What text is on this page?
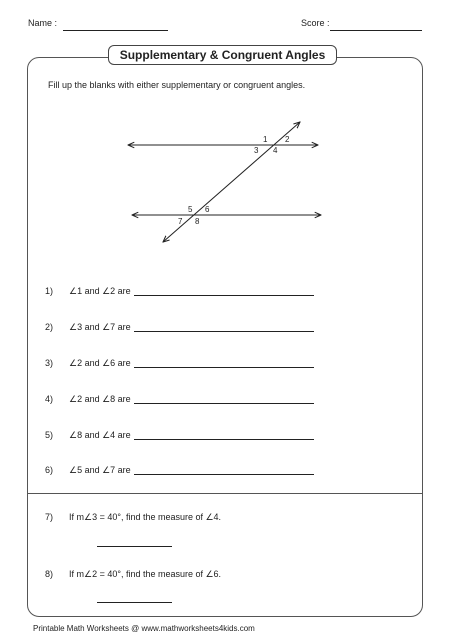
Name :	Score :
Supplementary & Congruent Angles
Fill up the blanks with either supplementary or congruent angles.
1 2
3 4
5 6
7 8
1) ∠1 and ∠2 are
2) ∠3 and ∠7 are
3) ∠2 and ∠6 are
4) ∠2 and ∠8 are
5) ∠8 and ∠4 are
6) ∠5 and ∠7 are
7) If m∠3 = 40°, find the measure of ∠4.
8) If m∠2 = 40°, find the measure of ∠6.
Printable Math Worksheets @ www.mathworksheets4kids.com
